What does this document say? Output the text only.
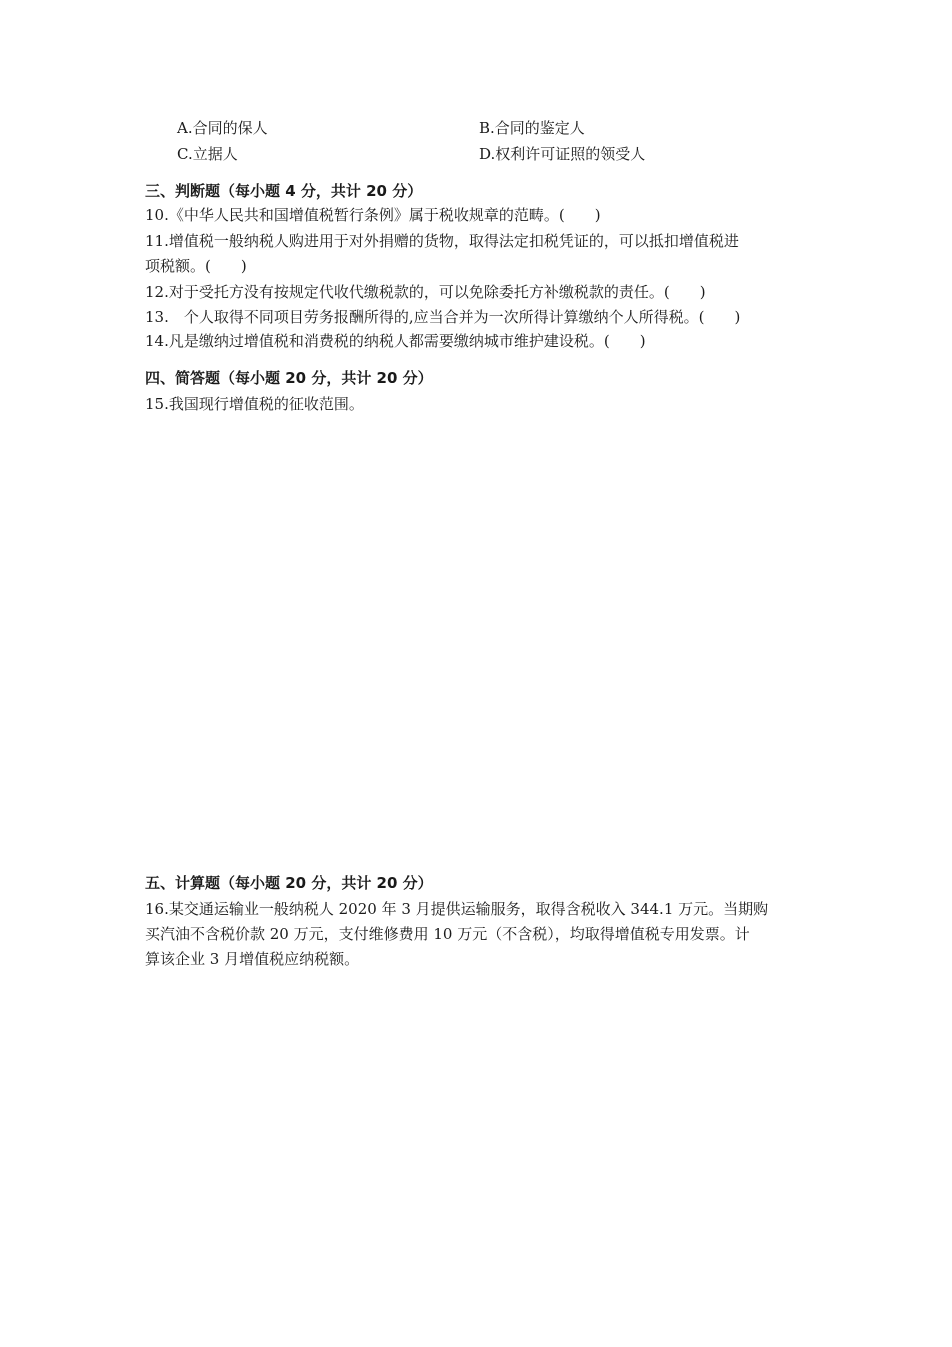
A.合同的保人	B.合同的鉴定人
C.立据人	D.权利许可证照的领受人
三、判断题（每小题 4 分，共计 20 分）
10.《中华人民共和国增值税暂行条例》属于税收规章的范畴。(　　)
11.增值税一般纳税人购进用于对外捐赠的货物，取得法定扣税凭证的，可以抵扣增值税进
项税额。(　　)
12.对于受托方没有按规定代收代缴税款的，可以免除委托方补缴税款的责任。(　　)
13.　个人取得不同项目劳务报酬所得的,应当合并为一次所得计算缴纳个人所得税。(　　)
14.凡是缴纳过增值税和消费税的纳税人都需要缴纳城市维护建设税。(　　)
四、简答题（每小题 20 分，共计 20 分）
15.我国现行增值税的征收范围。
五、计算题（每小题 20 分，共计 20 分）
16.某交通运输业一般纳税人 2020 年 3 月提供运输服务，取得含税收入 344.1 万元。当期购
买汽油不含税价款 20 万元，支付维修费用 10 万元（不含税），均取得增值税专用发票。计
算该企业 3 月增值税应纳税额。
